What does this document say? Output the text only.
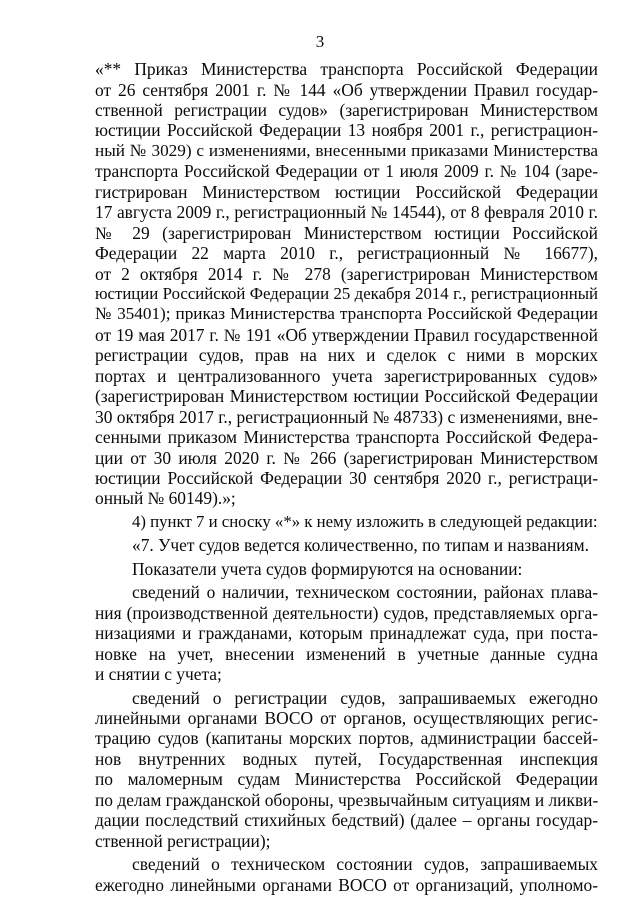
3
«** Приказ Министерства транспорта Российской Федерации
от 26 сентября 2001 г. № 144 «Об утверждении Правил государ-
ственной регистрации судов» (зарегистрирован Министерством
юстиции Российской Федерации 13 ноября 2001 г., регистрацион-
ный № 3029) с изменениями, внесенными приказами Министерства
транспорта Российской Федерации от 1 июля 2009 г. № 104 (заре-
гистрирован Министерством юстиции Российской Федерации
17 августа 2009 г., регистрационный № 14544), от 8 февраля 2010 г.
№ 29 (зарегистрирован Министерством юстиции Российской
Федерации 22 марта 2010 г., регистрационный № 16677),
от 2 октября 2014 г. № 278 (зарегистрирован Министерством
юстиции Российской Федерации 25 декабря 2014 г., регистрационный
№ 35401); приказ Министерства транспорта Российской Федерации
от 19 мая 2017 г. № 191 «Об утверждении Правил государственной
регистрации судов, прав на них и сделок с ними в морских
портах и централизованного учета зарегистрированных судов»
(зарегистрирован Министерством юстиции Российской Федерации
30 октября 2017 г., регистрационный № 48733) с изменениями, вне-
сенными приказом Министерства транспорта Российской Федера-
ции от 30 июля 2020 г. № 266 (зарегистрирован Министерством
юстиции Российской Федерации 30 сентября 2020 г., регистраци-
онный № 60149).»;
4) пункт 7 и сноску «*» к нему изложить в следующей редакции:
«7. Учет судов ведется количественно, по типам и названиям.
Показатели учета судов формируются на основании:
сведений о наличии, техническом состоянии, районах плава-
ния (производственной деятельности) судов, представляемых орга-
низациями и гражданами, которым принадлежат суда, при поста-
новке на учет, внесении изменений в учетные данные судна
и снятии с учета;
сведений о регистрации судов, запрашиваемых ежегодно
линейными органами ВОСО от органов, осуществляющих регис-
трацию судов (капитаны морских портов, администрации бассей-
нов внутренних водных путей, Государственная инспекция
по маломерным судам Министерства Российской Федерации
по делам гражданской обороны, чрезвычайным ситуациям и ликви-
дации последствий стихийных бедствий) (далее – органы государ-
ственной регистрации);
сведений о техническом состоянии судов, запрашиваемых
ежегодно линейными органами ВОСО от организаций, уполномо-
